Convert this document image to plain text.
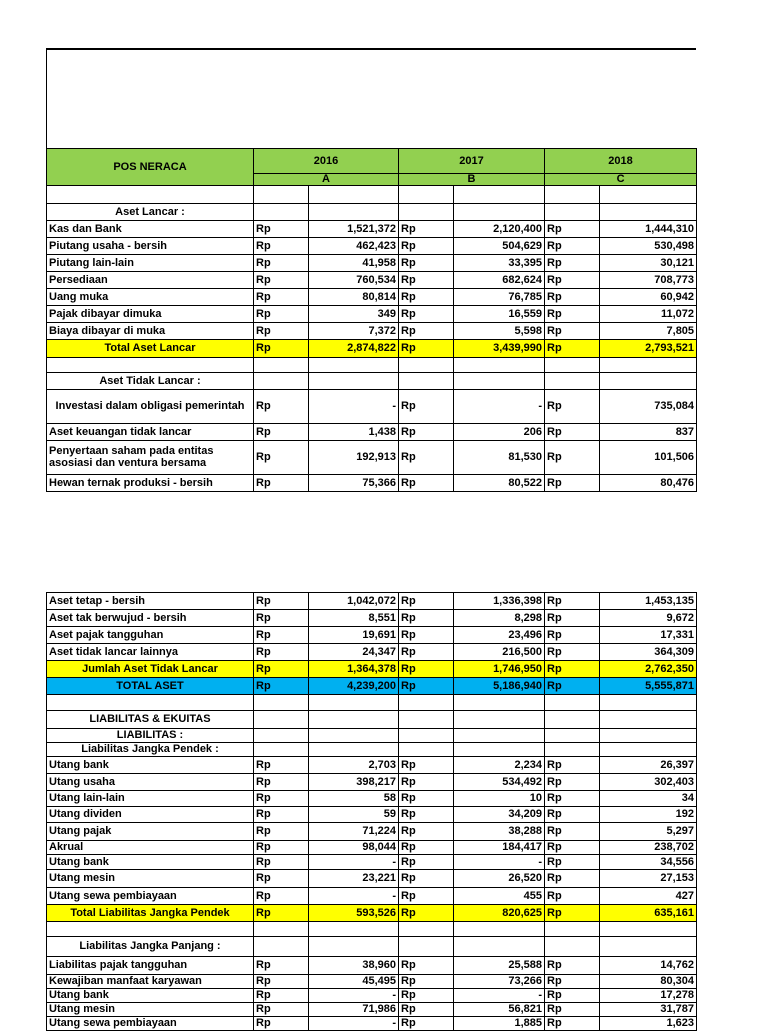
POS NERACA	2016		2017		2018	
	A		B		C	

Aset Lancar :						
Kas dan Bank	Rp	1,521,372	Rp	2,120,400	Rp	1,444,310
Piutang usaha - bersih	Rp	462,423	Rp	504,629	Rp	530,498
Piutang lain-lain	Rp	41,958	Rp	33,395	Rp	30,121
Persediaan	Rp	760,534	Rp	682,624	Rp	708,773
Uang muka	Rp	80,814	Rp	76,785	Rp	60,942
Pajak dibayar dimuka	Rp	349	Rp	16,559	Rp	11,072
Biaya dibayar di muka	Rp	7,372	Rp	5,598	Rp	7,805
Total Aset Lancar	Rp	2,874,822	Rp	3,439,990	Rp	2,793,521

Aset Tidak Lancar :						
Investasi dalam obligasi pemerintah	Rp	-	Rp	-	Rp	735,084
Aset keuangan tidak lancar	Rp	1,438	Rp	206	Rp	837
Penyertaan saham pada entitas asosiasi dan ventura bersama	Rp	192,913	Rp	81,530	Rp	101,506
Hewan ternak produksi - bersih	Rp	75,366	Rp	80,522	Rp	80,476
Aset tetap - bersih	Rp	1,042,072	Rp	1,336,398	Rp	1,453,135
Aset tak berwujud - bersih	Rp	8,551	Rp	8,298	Rp	9,672
Aset pajak tangguhan	Rp	19,691	Rp	23,496	Rp	17,331
Aset tidak lancar lainnya	Rp	24,347	Rp	216,500	Rp	364,309
Jumlah Aset Tidak Lancar	Rp	1,364,378	Rp	1,746,950	Rp	2,762,350
TOTAL ASET	Rp	4,239,200	Rp	5,186,940	Rp	5,555,871

LIABILITAS & EKUITAS						
LIABILITAS :						
Liabilitas Jangka Pendek :						
Utang bank	Rp	2,703	Rp	2,234	Rp	26,397
Utang usaha	Rp	398,217	Rp	534,492	Rp	302,403
Utang lain-lain	Rp	58	Rp	10	Rp	34
Utang dividen	Rp	59	Rp	34,209	Rp	192
Utang pajak	Rp	71,224	Rp	38,288	Rp	5,297
Akrual	Rp	98,044	Rp	184,417	Rp	238,702
Utang bank	Rp	-	Rp	-	Rp	34,556
Utang mesin	Rp	23,221	Rp	26,520	Rp	27,153
Utang sewa pembiayaan	Rp	-	Rp	455	Rp	427
Total Liabilitas Jangka Pendek	Rp	593,526	Rp	820,625	Rp	635,161

Liabilitas Jangka Panjang :						
Liabilitas pajak tangguhan	Rp	38,960	Rp	25,588	Rp	14,762
Kewajiban manfaat karyawan	Rp	45,495	Rp	73,266	Rp	80,304
Utang bank	Rp	-	Rp	-	Rp	17,278
Utang mesin	Rp	71,986	Rp	56,821	Rp	31,787
Utang sewa pembiayaan	Rp	-	Rp	1,885	Rp	1,623
